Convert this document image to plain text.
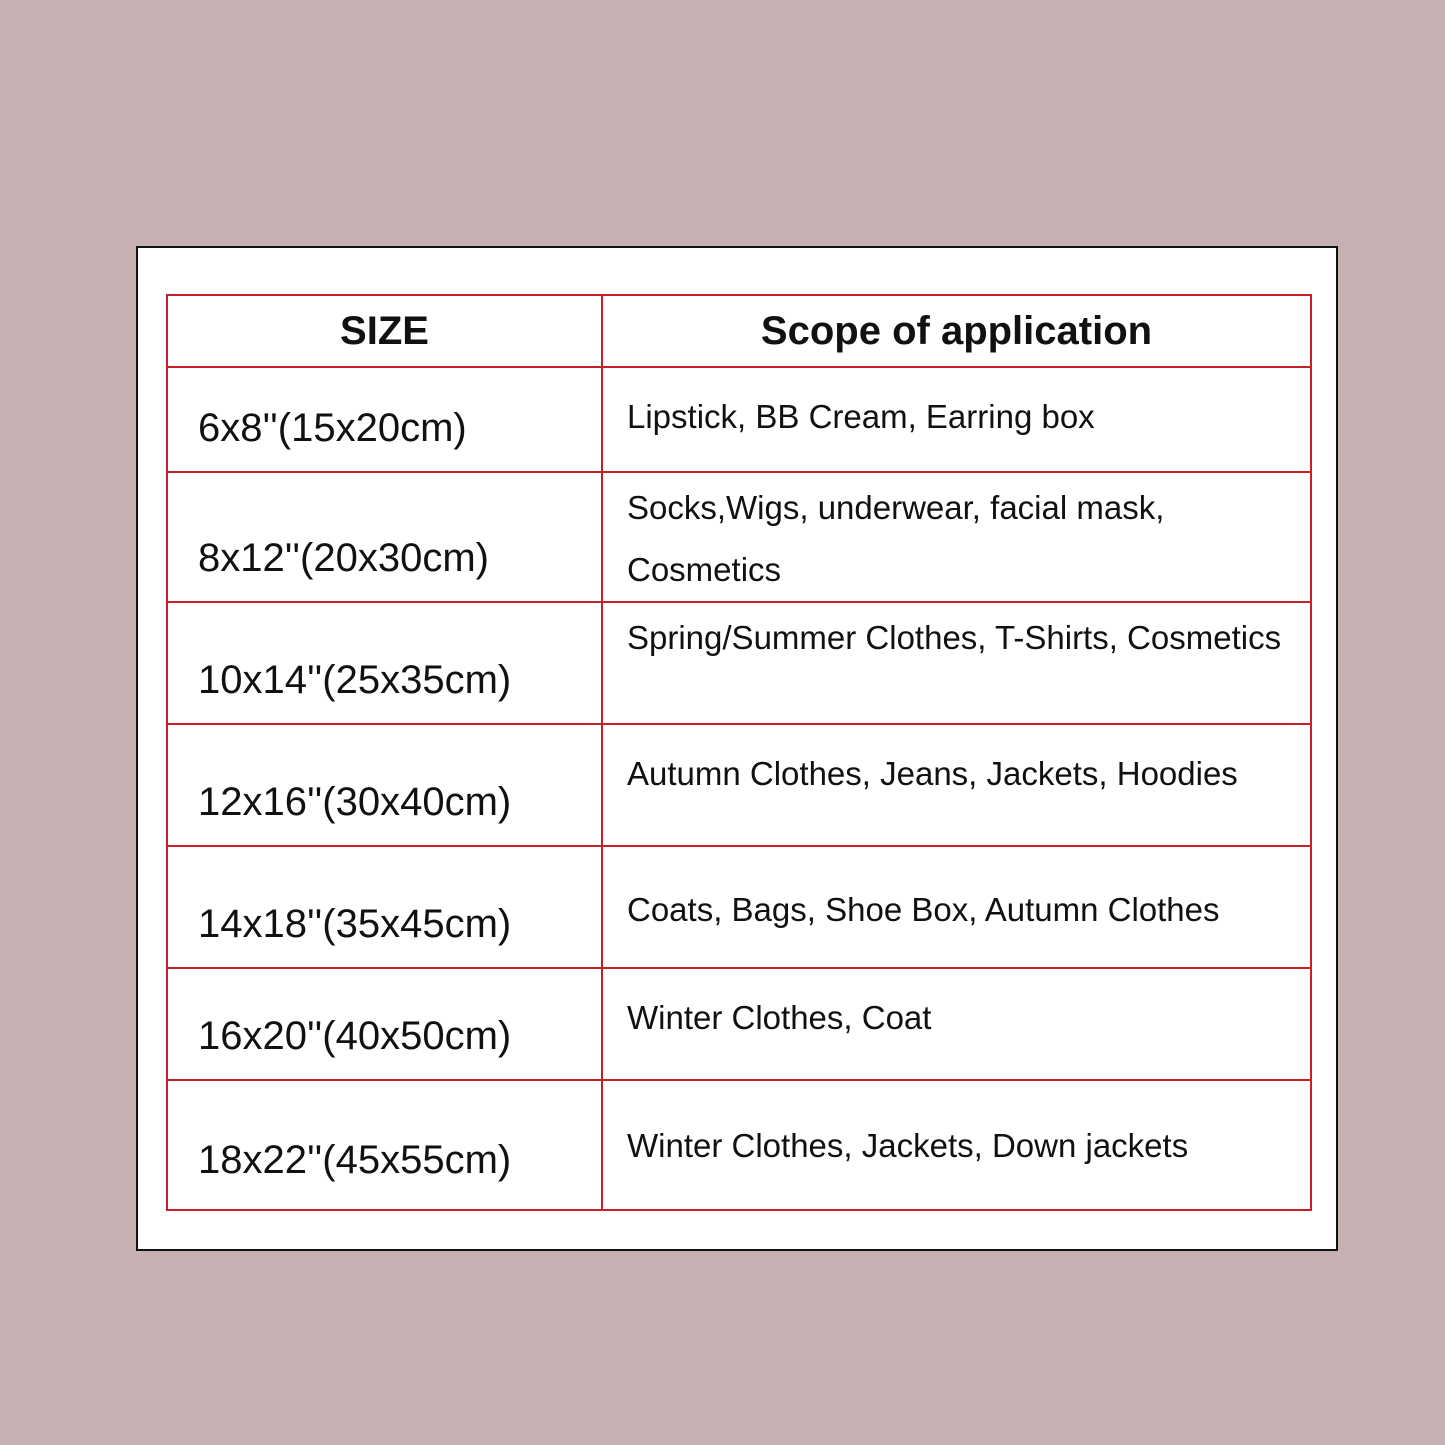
SIZE	Scope of application
6x8''(15x20cm)	Lipstick, BB Cream, Earring box
8x12''(20x30cm)	Socks,Wigs, underwear, facial mask, Cosmetics
10x14''(25x35cm)	Spring/Summer Clothes, T-Shirts, Cosmetics
12x16''(30x40cm)	Autumn Clothes, Jeans, Jackets, Hoodies
14x18''(35x45cm)	Coats, Bags, Shoe Box, Autumn Clothes
16x20''(40x50cm)	Winter Clothes, Coat
18x22''(45x55cm)	Winter Clothes, Jackets, Down jackets
